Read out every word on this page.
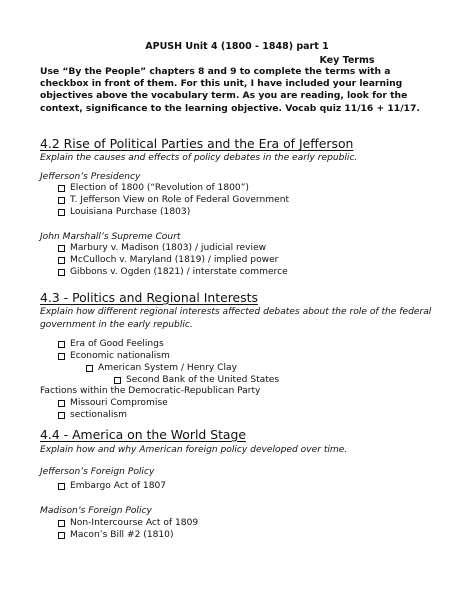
APUSH Unit 4 (1800 - 1848) part 1
Key Terms
Use “By the People” chapters 8 and 9 to complete the terms with a checkbox in front of them. For this unit, I have included your learning objectives above the vocabulary term. As you are reading, look for the context, significance to the learning objective. Vocab quiz 11/16 + 11/17.
4.2 Rise of Political Parties and the Era of Jefferson
Explain the causes and effects of policy debates in the early republic.
Jefferson’s Presidency
Election of 1800 (“Revolution of 1800”)
T. Jefferson View on Role of Federal Government
Louisiana Purchase (1803)
John Marshall’s Supreme Court
Marbury v. Madison (1803) / judicial review
McCulloch v. Maryland (1819) / implied power
Gibbons v. Ogden (1821) / interstate commerce
4.3 - Politics and Regional Interests
Explain how different regional interests affected debates about the role of the federal government in the early republic.
Era of Good Feelings
Economic nationalism
American System / Henry Clay
Second Bank of the United States
Factions within the Democratic-Republican Party
Missouri Compromise
sectionalism
4.4 - America on the World Stage
Explain how and why American foreign policy developed over time.
Jefferson’s Foreign Policy
Embargo Act of 1807
Madison’s Foreign Policy
Non-Intercourse Act of 1809
Macon’s Bill #2 (1810)
